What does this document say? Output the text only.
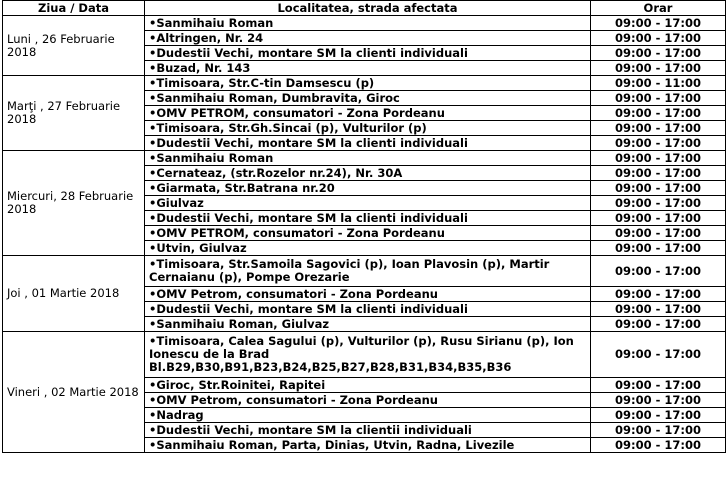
Ziua / Data	Localitatea, strada afectata	Orar
Luni , 26 Februarie 2018	•Sanmihaiu Roman	09:00 - 17:00
	•Altringen, Nr. 24	09:00 - 17:00
	•Dudestii Vechi, montare SM la clienti individuali	09:00 - 17:00
	•Buzad, Nr. 143	09:00 - 17:00
Marţi , 27 Februarie 2018	•Timisoara, Str.C-tin Damsescu (p)	09:00 - 11:00
	•Sanmihaiu Roman, Dumbravita, Giroc	09:00 - 17:00
	•OMV PETROM, consumatori - Zona Pordeanu	09:00 - 17:00
	•Timisoara, Str.Gh.Sincai (p), Vulturilor (p)	09:00 - 17:00
	•Dudestii Vechi, montare SM la clienti individuali	09:00 - 17:00
Miercuri, 28 Februarie 2018	•Sanmihaiu Roman	09:00 - 17:00
	•Cernateaz, (str.Rozelor nr.24), Nr. 30A	09:00 - 17:00
	•Giarmata, Str.Batrana nr.20	09:00 - 17:00
	•Giulvaz	09:00 - 17:00
	•Dudestii Vechi, montare SM la clienti individuali	09:00 - 17:00
	•OMV PETROM, consumatori - Zona Pordeanu	09:00 - 17:00
	•Utvin, Giulvaz	09:00 - 17:00
Joi , 01 Martie 2018	•Timisoara, Str.Samoila Sagovici (p), Ioan Plavosin (p), Martir Cernaianu (p), Pompe Orezarie	09:00 - 17:00
	•OMV Petrom, consumatori - Zona Pordeanu	09:00 - 17:00
	•Dudestii Vechi, montare SM la clienti individuali	09:00 - 17:00
	•Sanmihaiu Roman, Giulvaz	09:00 - 17:00
Vineri , 02 Martie 2018	•Timisoara, Calea Sagului (p), Vulturilor (p), Rusu Sirianu (p), Ion Ionescu de la Brad Bl.B29,B30,B91,B23,B24,B25,B27,B28,B31,B34,B35,B36	09:00 - 17:00
	•Giroc, Str.Roinitei, Rapitei	09:00 - 17:00
	•OMV Petrom, consumatori - Zona Pordeanu	09:00 - 17:00
	•Nadrag	09:00 - 17:00
	•Dudestii Vechi, montare SM la clientii individuali	09:00 - 17:00
	•Sanmihaiu Roman, Parta, Dinias, Utvin, Radna, Livezile	09:00 - 17:00
